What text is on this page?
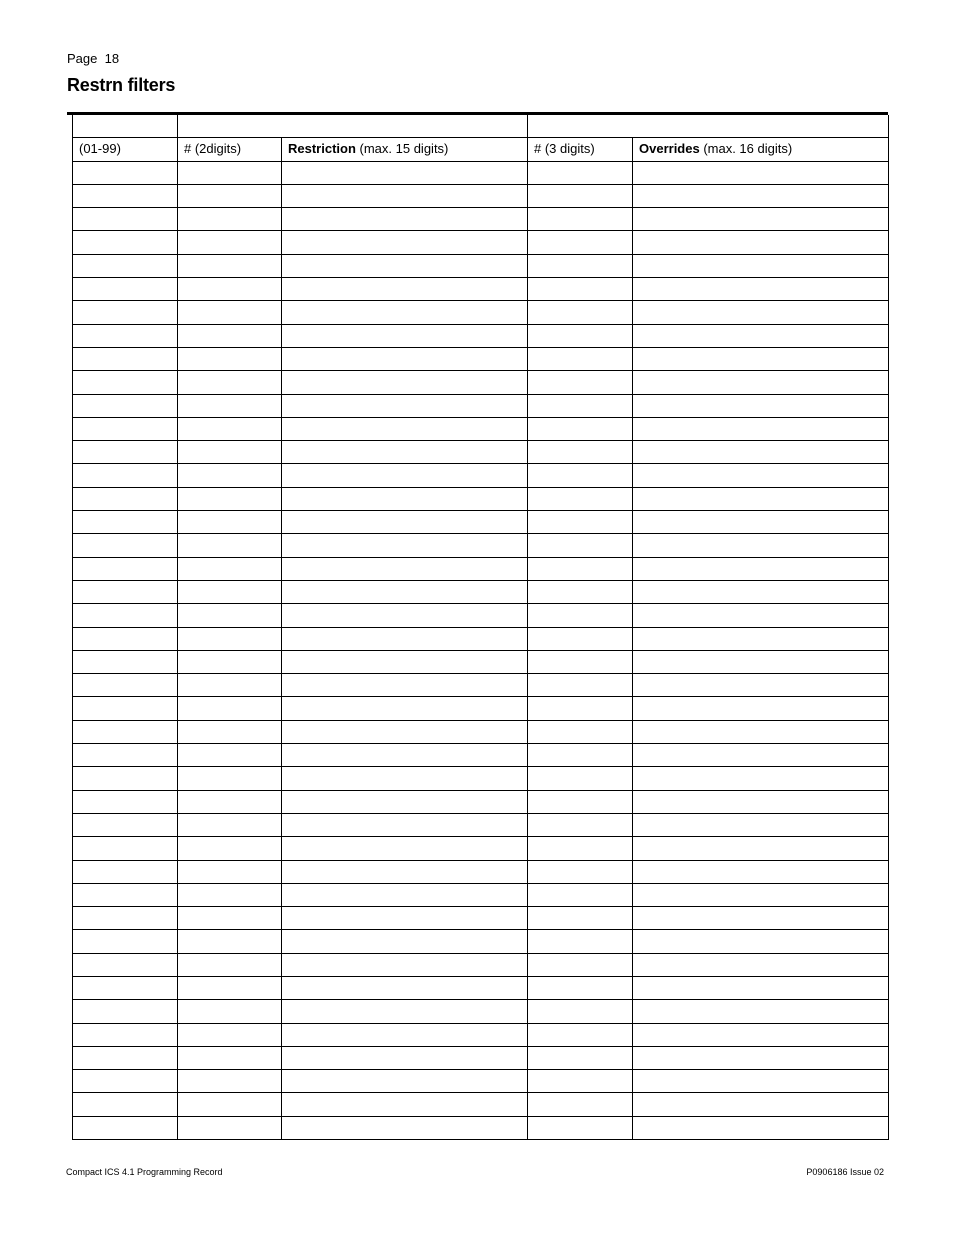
Page  18
Restrn filters

(01-99)	# (2digits)	Restriction (max. 15 digits)	# (3 digits)	Overrides (max. 16 digits)

Compact ICS 4.1 Programming Record	P0906186 Issue 02
